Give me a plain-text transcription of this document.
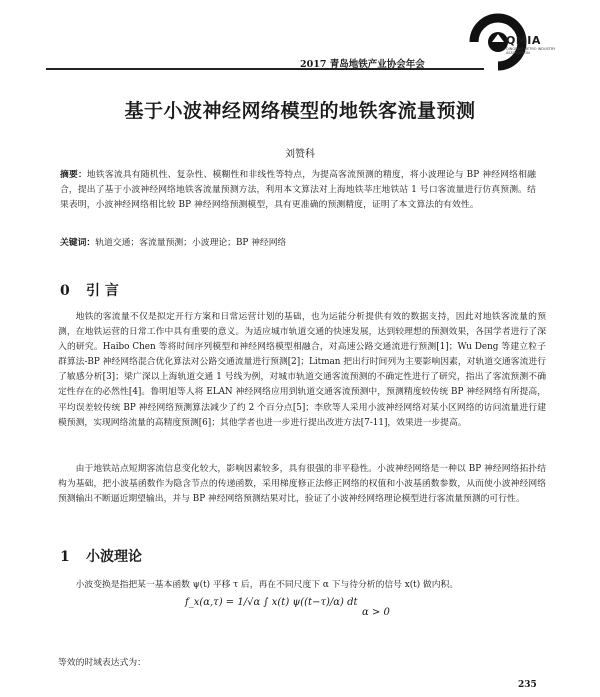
2017 青岛地铁产业协会年会
QMIA
QINGDAO METRO INDUSTRY ASSOCIATION
基于小波神经网络模型的地铁客流量预测
刘赞科
摘要：地铁客流具有随机性、复杂性、模糊性和非线性等特点，为提高客流预测的精度，将小波理论与 BP 神经网络相融合，提出了基于小波神经网络地铁客流量预测方法，利用本文算法对上海地铁莘庄地铁站 1 号口客流量进行仿真预测。结果表明，小波神经网络相比较 BP 神经网络预测模型，具有更准确的预测精度，证明了本文算法的有效性。
关键词：轨道交通；客流量预测；小波理论；BP 神经网络
0 引 言
地铁的客流量不仅是拟定开行方案和日常运营计划的基础，也为运能分析提供有效的数据支持，因此对地铁客流量的预测，在地铁运营的日常工作中具有重要的意义。为适应城市轨道交通的快速发展，达到较理想的预测效果，各国学者进行了深入的研究。Haibo Chen 等将时间序列模型和神经网络模型相融合，对高速公路交通流进行预测[1]；Wu Deng 等建立粒子群算法-BP 神经网络混合优化算法对公路交通流量进行预测[2]；Litman 把出行时间列为主要影响因素，对轨道交通客流进行了敏感分析[3]；梁广深以上海轨道交通 1 号线为例，对城市轨道交通客流预测的不确定性进行了研究，指出了客流预测不确定性存在的必然性[4]。鲁明旭等人将 ELAN 神经网络应用到轨道交通客流预测中，预测精度较传统 BP 神经网络有所提高，平均误差较传统 BP 神经网络预测算法减少了约 2 个百分点[5]；李欣等人采用小波神经网络对某小区网络的访问流量进行建模预测，实现网络流量的高精度预测[6]；其他学者也进一步进行提出改进方法[7-11]，效果进一步提高。
由于地铁站点短期客流信息变化较大，影响因素较多，具有很强的非平稳性。小波神经网络是一种以 BP 神经网络拓扑结构为基础，把小波基函数作为隐含节点的传递函数，采用梯度修正法修正网络的权值和小波基函数参数，从而使小波神经网络预测输出不断逼近期望输出，并与 BP 神经网络预测结果对比，验证了小波神经网络理论模型进行客流量预测的可行性。
1 小波理论
小波变换是指把某一基本函数 ψ(t) 平移 τ 后，再在不同尺度下 α 下与待分析的信号 x(t) 做内积。
f_x(α,τ) = 1/√α ∫ x(t) ψ((t−τ)/α) dt
α > 0
等效的时域表达式为：
235
